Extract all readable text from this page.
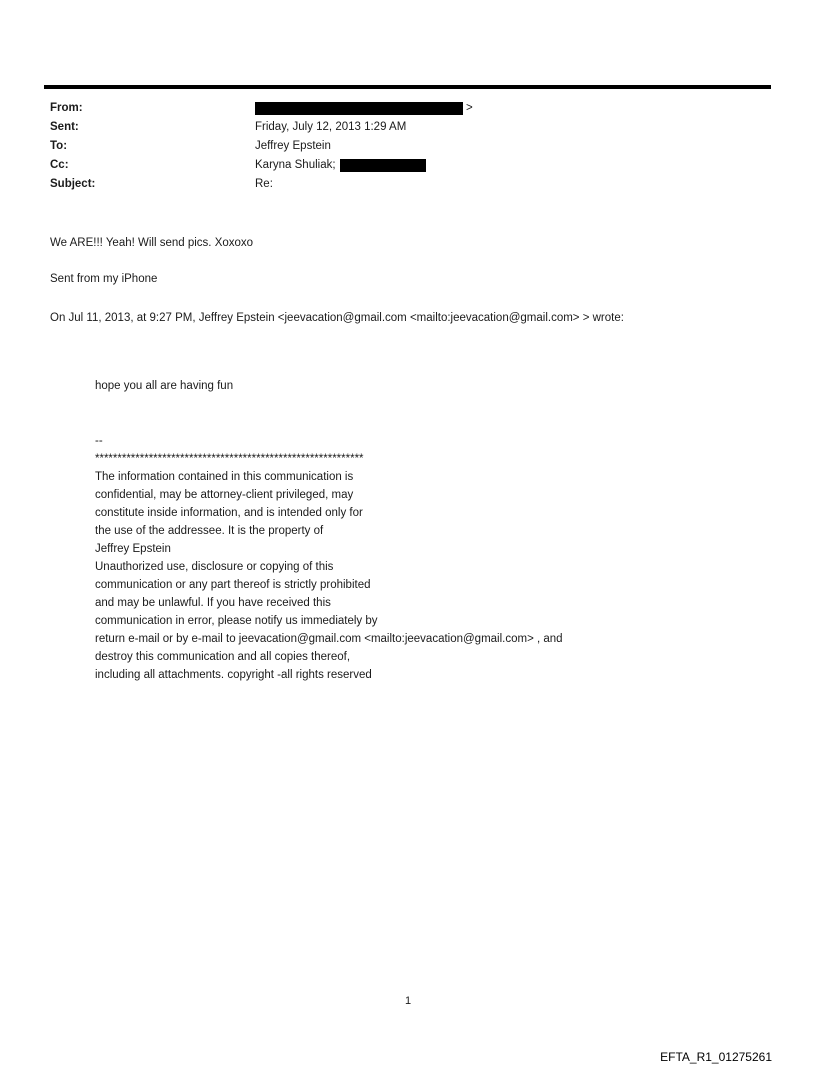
From:	>
Sent:	Friday, July 12, 2013 1:29 AM
To:	Jeffrey Epstein
Cc:	Karyna Shuliak;
Subject:	Re:
We ARE!!! Yeah! Will send pics. Xoxoxo
Sent from my iPhone
On Jul 11, 2013, at 9:27 PM, Jeffrey Epstein <jeevacation@gmail.com <mailto:jeevacation@gmail.com> > wrote:
hope you all are having fun
--
************************************************************
The information contained in this communication is
confidential, may be attorney-client privileged, may
constitute inside information, and is intended only for
the use of the addressee. It is the property of
Jeffrey Epstein
Unauthorized use, disclosure or copying of this
communication or any part thereof is strictly prohibited
and may be unlawful. If you have received this
communication in error, please notify us immediately by
return e-mail or by e-mail to jeevacation@gmail.com <mailto:jeevacation@gmail.com> , and
destroy this communication and all copies thereof,
including all attachments. copyright -all rights reserved
1
EFTA_R1_01275261
